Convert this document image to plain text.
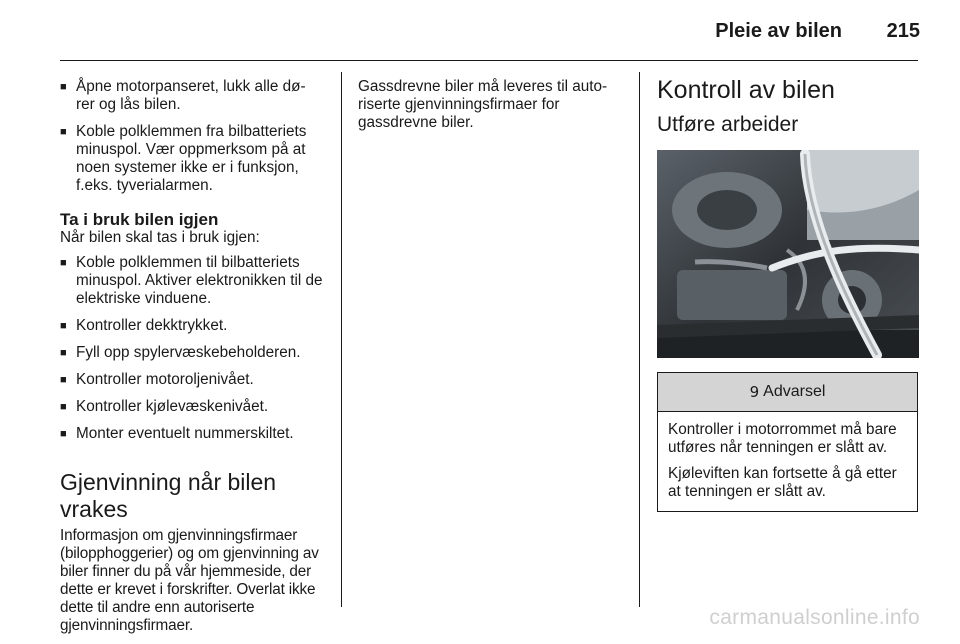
Pleie av bilen 215
■ Åpne motorpanseret, lukk alle dø-
rer og lås bilen.
■ Koble polklemmen fra bilbatteriets minuspol. Vær oppmerksom på at noen systemer ikke er i funksjon, f.eks. tyverialarmen.
Ta i bruk bilen igjen
Når bilen skal tas i bruk igjen:
■ Koble polklemmen til bilbatteriets minuspol. Aktiver elektronikken til de elektriske vinduene.
■ Kontroller dekktrykket.
■ Fyll opp spylervæskebeholderen.
■ Kontroller motoroljenivået.
■ Kontroller kjølevæskenivået.
■ Monter eventuelt nummerskiltet.
Gjenvinning når bilen vrakes
Informasjon om gjenvinningsfirmaer (bilopphoggerier) og om gjenvinning av biler finner du på vår hjemmeside, der dette er krevet i forskrifter. Overlat ikke dette til andre enn autoriserte gjenvinningsfirmaer.
Gassdrevne biler må leveres til auto-
riserte gjenvinningsfirmaer for gassdrevne biler.
Kontroll av bilen
Utføre arbeider
9 Advarsel

Kontroller i motorrommet må bare utføres når tenningen er slått av.

Kjøleviften kan fortsette å gå etter at tenningen er slått av.

carmanualsonline.info
